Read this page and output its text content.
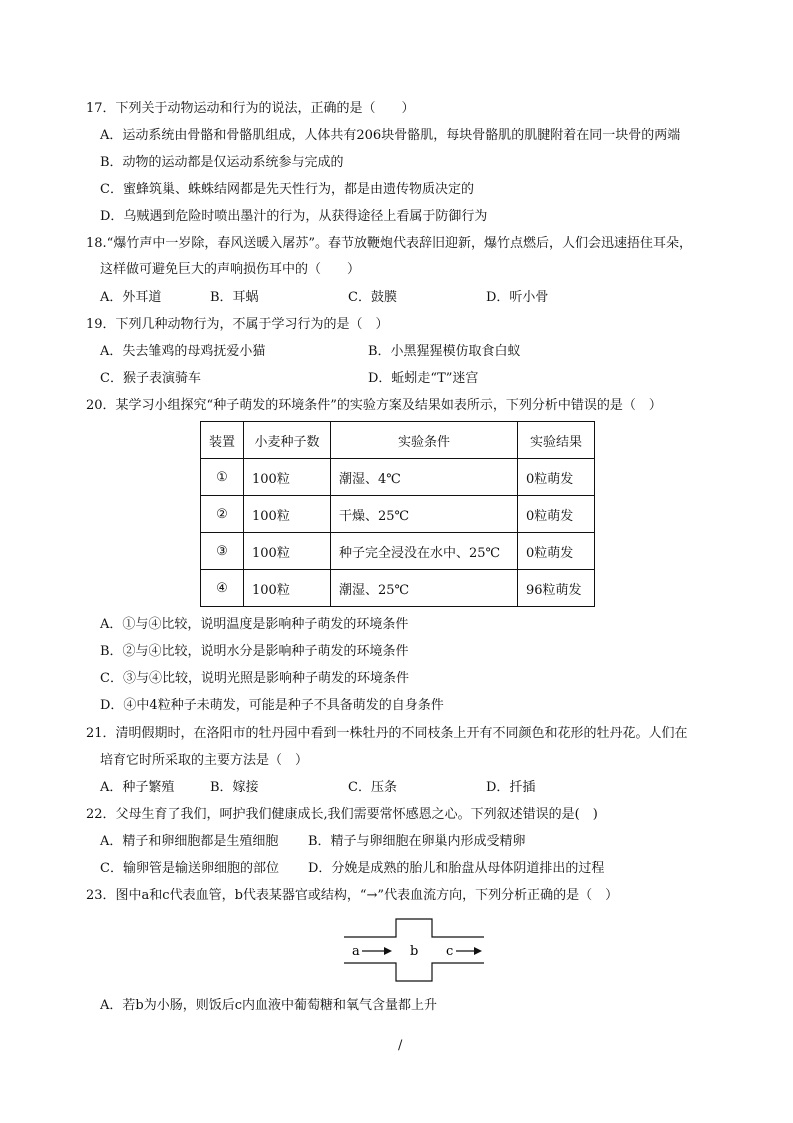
17．下列关于动物运动和行为的说法，正确的是（　　）
A．运动系统由骨骼和骨骼肌组成，人体共有206块骨骼肌，每块骨骼肌的肌腱附着在同一块骨的两端
B．动物的运动都是仅运动系统参与完成的
C．蜜蜂筑巢、蛛蛛结网都是先天性行为，都是由遗传物质决定的
D．乌贼遇到危险时喷出墨汁的行为，从获得途径上看属于防御行为
18.“爆竹声中一岁除，春风送暖入屠苏”。春节放鞭炮代表辞旧迎新，爆竹点燃后，人们会迅速捂住耳朵，
这样做可避免巨大的声响损伤耳中的（　　）
A．外耳道	B．耳蜗	C．鼓膜	D．听小骨
19．下列几种动物行为，不属于学习行为的是（　）
A．失去雏鸡的母鸡抚爱小猫	B．小黑猩猩模仿取食白蚁
C．猴子表演骑车	D．蚯蚓走“T”迷宫
20．某学习小组探究“种子萌发的环境条件”的实验方案及结果如表所示，下列分析中错误的是（　）
装置	小麦种子数	实验条件	实验结果
①	100粒	潮湿、4℃	0粒萌发
②	100粒	干燥、25℃	0粒萌发
③	100粒	种子完全浸没在水中、25℃	0粒萌发
④	100粒	潮湿、25℃	96粒萌发
A．①与④比较，说明温度是影响种子萌发的环境条件
B．②与④比较，说明水分是影响种子萌发的环境条件
C．③与④比较，说明光照是影响种子萌发的环境条件
D．④中4粒种子未萌发，可能是种子不具备萌发的自身条件
21．清明假期时，在洛阳市的牡丹园中看到一株牡丹的不同枝条上开有不同颜色和花形的牡丹花。人们在
培育它时所采取的主要方法是（　）
A．种子繁殖	B．嫁接	C．压条	D．扦插
22．父母生育了我们，呵护我们健康成长,我们需要常怀感恩之心。下列叙述错误的是(　)
A．精子和卵细胞都是生殖细胞 B．精子与卵细胞在卵巢内形成受精卵
C．输卵管是输送卵细胞的部位 D．分娩是成熟的胎儿和胎盘从母体阴道排出的过程
23．图中a和c代表血管，b代表某器官或结构，“→”代表血流方向，下列分析正确的是（　）
a	b c
A．若b为小肠，则饭后c内血液中葡萄糖和氧气含量都上升
/
